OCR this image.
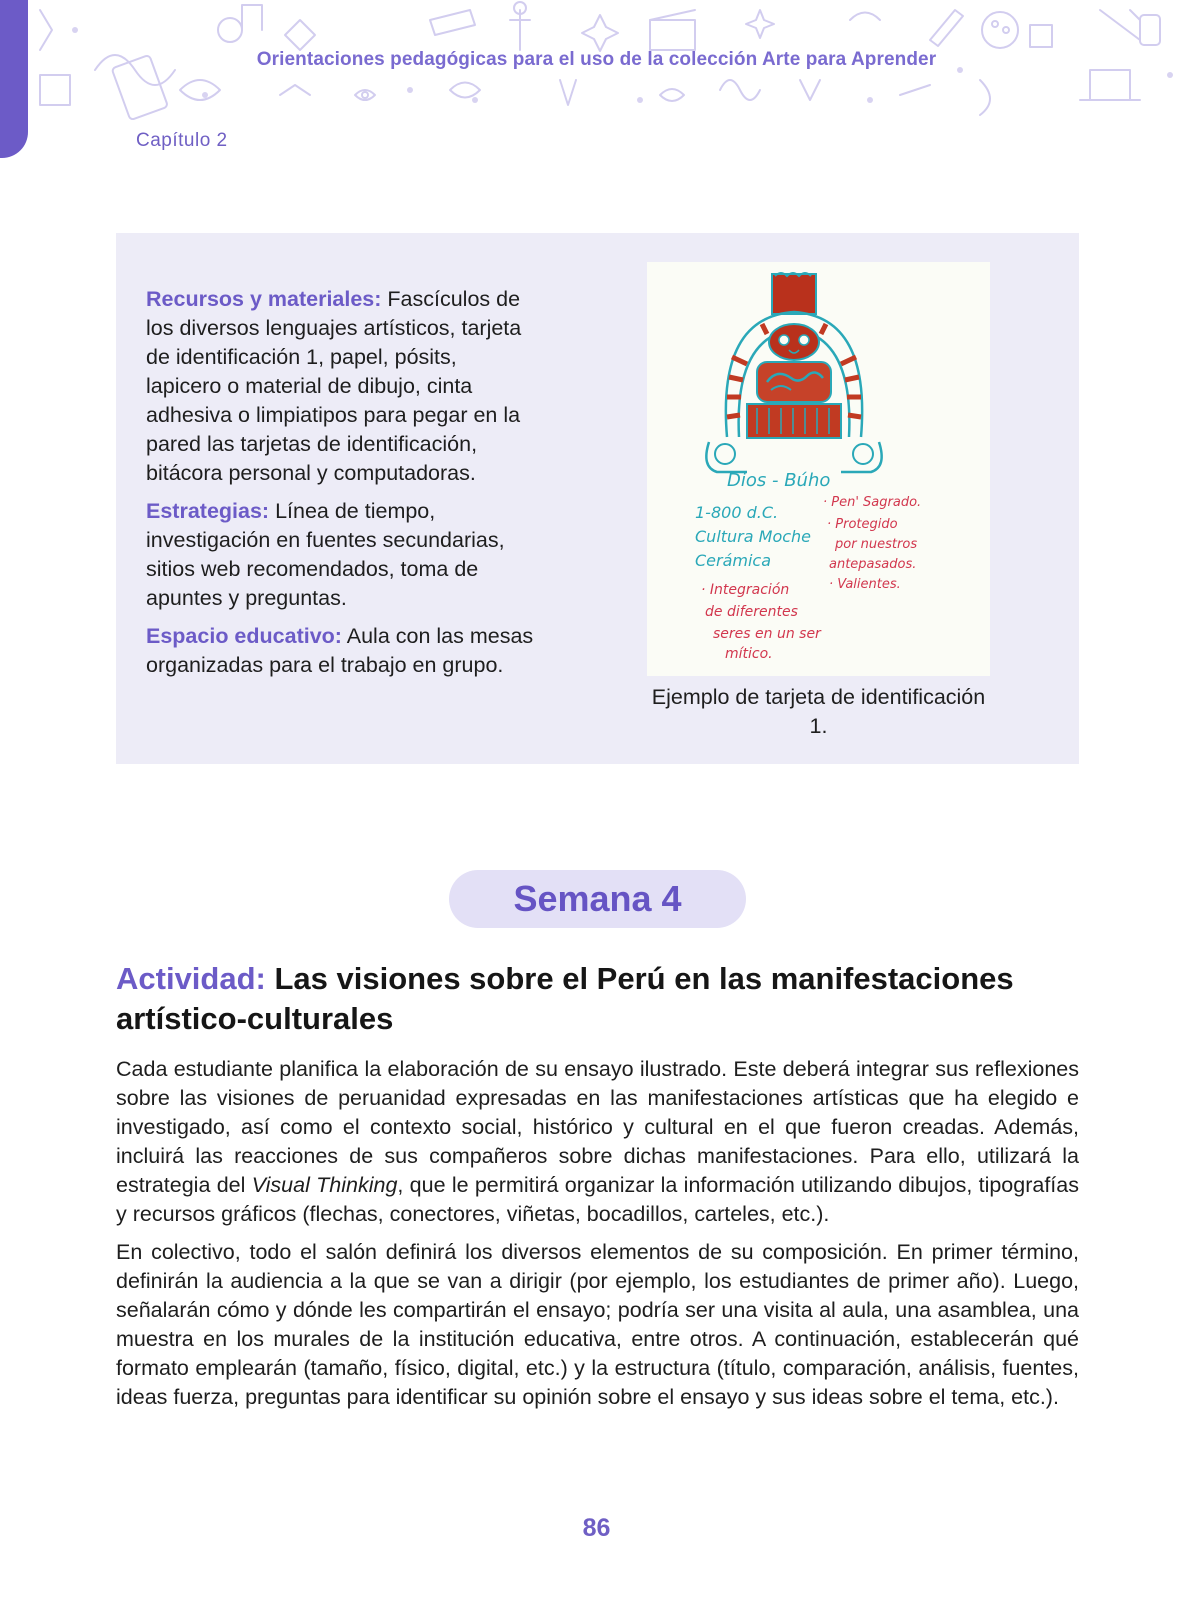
Orientaciones pedagógicas para el uso de la colección Arte para Aprender
Capítulo 2

Recursos y materiales: Fascículos de los diversos lenguajes artísticos, tarjeta de identificación 1, papel, pósits, lapicero o material de dibujo, cinta adhesiva o limpiatipos para pegar en la pared las tarjetas de identificación, bitácora personal y computadoras.

Estrategias: Línea de tiempo, investigación en fuentes secundarias, sitios web recomendados, toma de apuntes y preguntas.

Espacio educativo: Aula con las mesas organizadas para el trabajo en grupo.

Dios - Búho
1-800 d.C.
Cultura Moche
Cerámica
· Pen' Sagrado.
· Protegido
por nuestros
antepasados.
· Valientes.
· Integración
de diferentes
seres en un ser
mítico.
Ejemplo de tarjeta de identificación 1.
Semana 4
Actividad: Las visiones sobre el Perú en las manifestaciones artístico-culturales

Cada estudiante planifica la elaboración de su ensayo ilustrado. Este deberá integrar sus reflexiones sobre las visiones de peruanidad expresadas en las manifestaciones artísticas que ha elegido e investigado, así como el contexto social, histórico y cultural en el que fueron creadas. Además, incluirá las reacciones de sus compañeros sobre dichas manifestaciones. Para ello, utilizará la estrategia del Visual Thinking, que le permitirá organizar la información utilizando dibujos, tipografías y recursos gráficos (flechas, conectores, viñetas, bocadillos, carteles, etc.).

En colectivo, todo el salón definirá los diversos elementos de su composición. En primer término, definirán la audiencia a la que se van a dirigir (por ejemplo, los estudiantes de primer año). Luego, señalarán cómo y dónde les compartirán el ensayo; podría ser una visita al aula, una asamblea, una muestra en los murales de la institución educativa, entre otros. A continuación, establecerán qué formato emplearán (tamaño, físico, digital, etc.) y la estructura (título, comparación, análisis, fuentes, ideas fuerza, preguntas para identificar su opinión sobre el ensayo y sus ideas sobre el tema, etc.).

86
